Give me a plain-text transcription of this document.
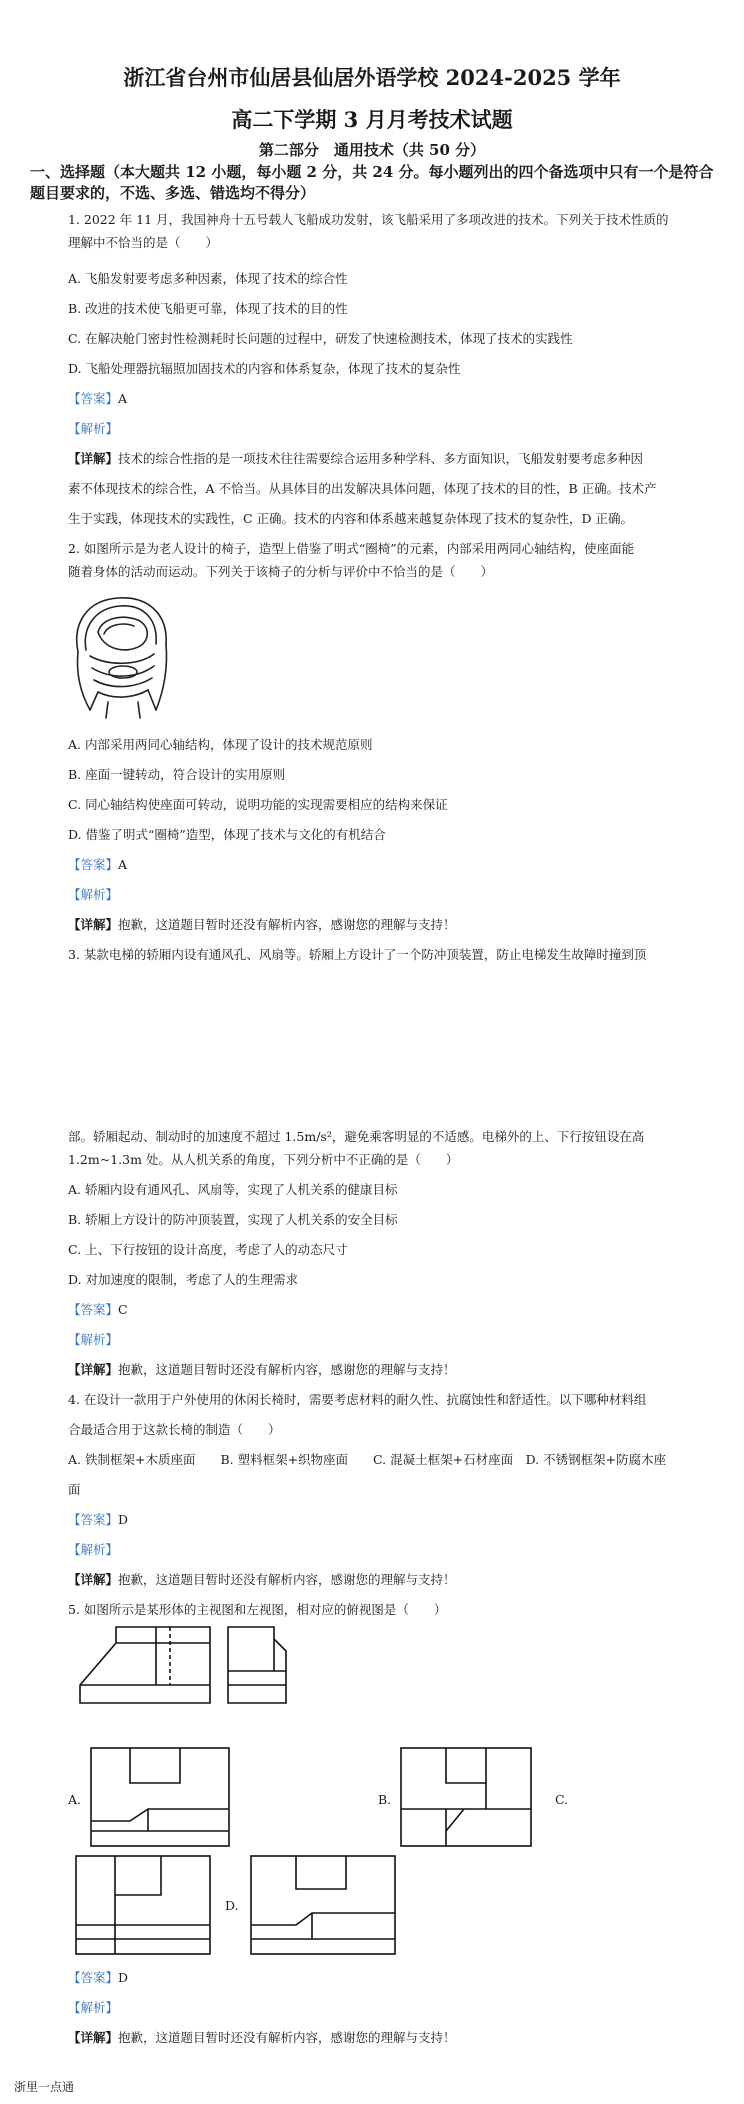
浙江省台州市仙居县仙居外语学校 2024-2025 学年
高二下学期 3 月月考技术试题
第二部分　通用技术（共 50 分）
一、选择题（本大题共 12 小题，每小题 2 分，共 24 分。每小题列出的四个备选项中只有一个是符合题目要求的，不选、多选、错选均不得分）
1. 2022 年 11 月，我国神舟十五号载人飞船成功发射，该飞船采用了多项改进的技术。下列关于技术性质的
理解中不恰当的是（　　）
A. 飞船发射要考虑多种因素，体现了技术的综合性
B. 改进的技术使飞船更可靠，体现了技术的目的性
C. 在解决舱门密封性检测耗时长问题的过程中，研发了快速检测技术，体现了技术的实践性
D. 飞船处理器抗辐照加固技术的内容和体系复杂，体现了技术的复杂性
【答案】A
【解析】
【详解】技术的综合性指的是一项技术往往需要综合运用多种学科、多方面知识，飞船发射要考虑多种因
素不体现技术的综合性，A 不恰当。从具体目的出发解决具体问题，体现了技术的目的性，B 正确。技术产
生于实践，体现技术的实践性，C 正确。技术的内容和体系越来越复杂体现了技术的复杂性，D 正确。
2. 如图所示是为老人设计的椅子，造型上借鉴了明式“圈椅”的元素，内部采用两同心轴结构，使座面能
随着身体的活动而运动。下列关于该椅子的分析与评价中不恰当的是（　　）
A. 内部采用两同心轴结构，体现了设计的技术规范原则
B. 座面一键转动，符合设计的实用原则
C. 同心轴结构使座面可转动，说明功能的实现需要相应的结构来保证
D. 借鉴了明式“圈椅”造型，体现了技术与文化的有机结合
【答案】A
【解析】
【详解】抱歉，这道题目暂时还没有解析内容，感谢您的理解与支持！
3. 某款电梯的轿厢内设有通风孔、风扇等。轿厢上方设计了一个防冲顶装置，防止电梯发生故障时撞到顶
部。轿厢起动、制动时的加速度不超过 1.5m/s²，避免乘客明显的不适感。电梯外的上、下行按钮设在高
1.2m~1.3m 处。从人机关系的角度，下列分析中不正确的是（　　）
A. 轿厢内设有通风孔、风扇等，实现了人机关系的健康目标
B. 轿厢上方设计的防冲顶装置，实现了人机关系的安全目标
C. 上、下行按钮的设计高度，考虑了人的动态尺寸
D. 对加速度的限制，考虑了人的生理需求
【答案】C
【解析】
【详解】抱歉，这道题目暂时还没有解析内容，感谢您的理解与支持！
4. 在设计一款用于户外使用的休闲长椅时，需要考虑材料的耐久性、抗腐蚀性和舒适性。以下哪种材料组
合最适合用于这款长椅的制造（　　）
A. 铁制框架+木质座面　　B. 塑料框架+织物座面　　C. 混凝土框架+石材座面　D. 不锈钢框架+防腐木座
面
【答案】D
【解析】
【详解】抱歉，这道题目暂时还没有解析内容，感谢您的理解与支持！
5. 如图所示是某形体的主视图和左视图，相对应的俯视图是（　　）
A.	B.	C.
D.
【答案】D
【解析】
【详解】抱歉，这道题目暂时还没有解析内容，感谢您的理解与支持！
浙里一点通
